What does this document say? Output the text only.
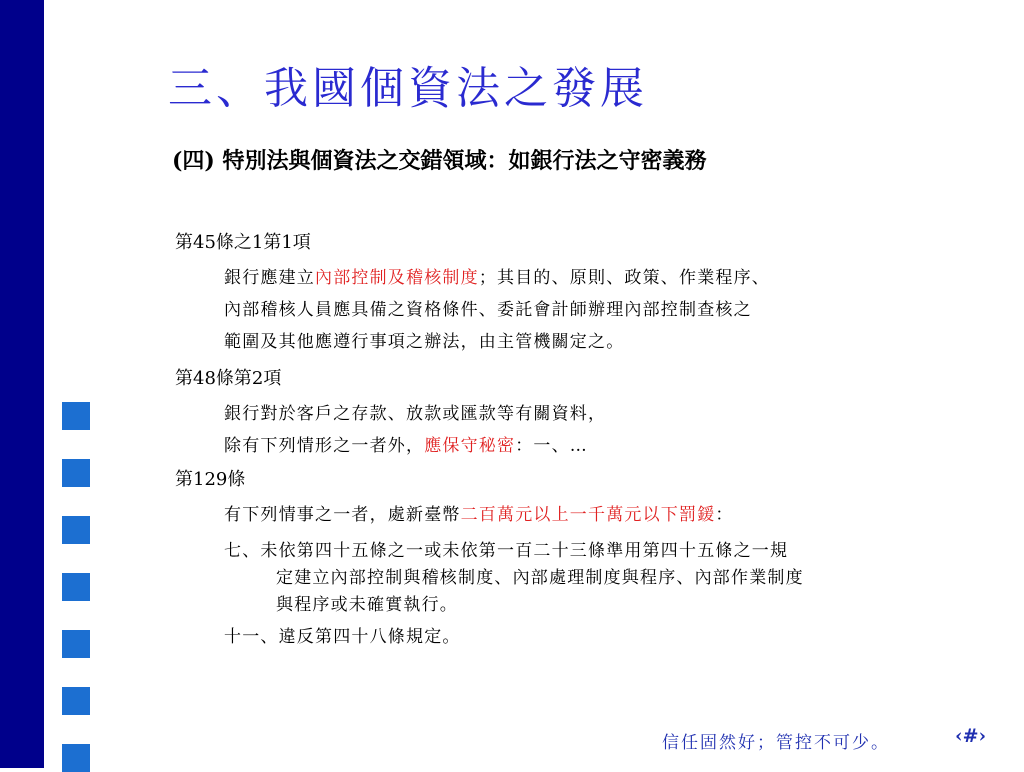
三、我國個資法之發展
(四) 特別法與個資法之交錯領域：如銀行法之守密義務
第45條之1第1項
銀行應建立內部控制及稽核制度；其目的、原則、政策、作業程序、
內部稽核人員應具備之資格條件、委託會計師辦理內部控制查核之
範圍及其他應遵行事項之辦法，由主管機關定之。
第48條第2項
銀行對於客戶之存款、放款或匯款等有關資料，
除有下列情形之一者外，應保守秘密：一、…
第129條
有下列情事之一者，處新臺幣二百萬元以上一千萬元以下罰鍰：
七、未依第四十五條之一或未依第一百二十三條準用第四十五條之一規
定建立內部控制與稽核制度、內部處理制度與程序、內部作業制度
與程序或未確實執行。
十一、違反第四十八條規定。
信任固然好；管控不可少。	‹#›
